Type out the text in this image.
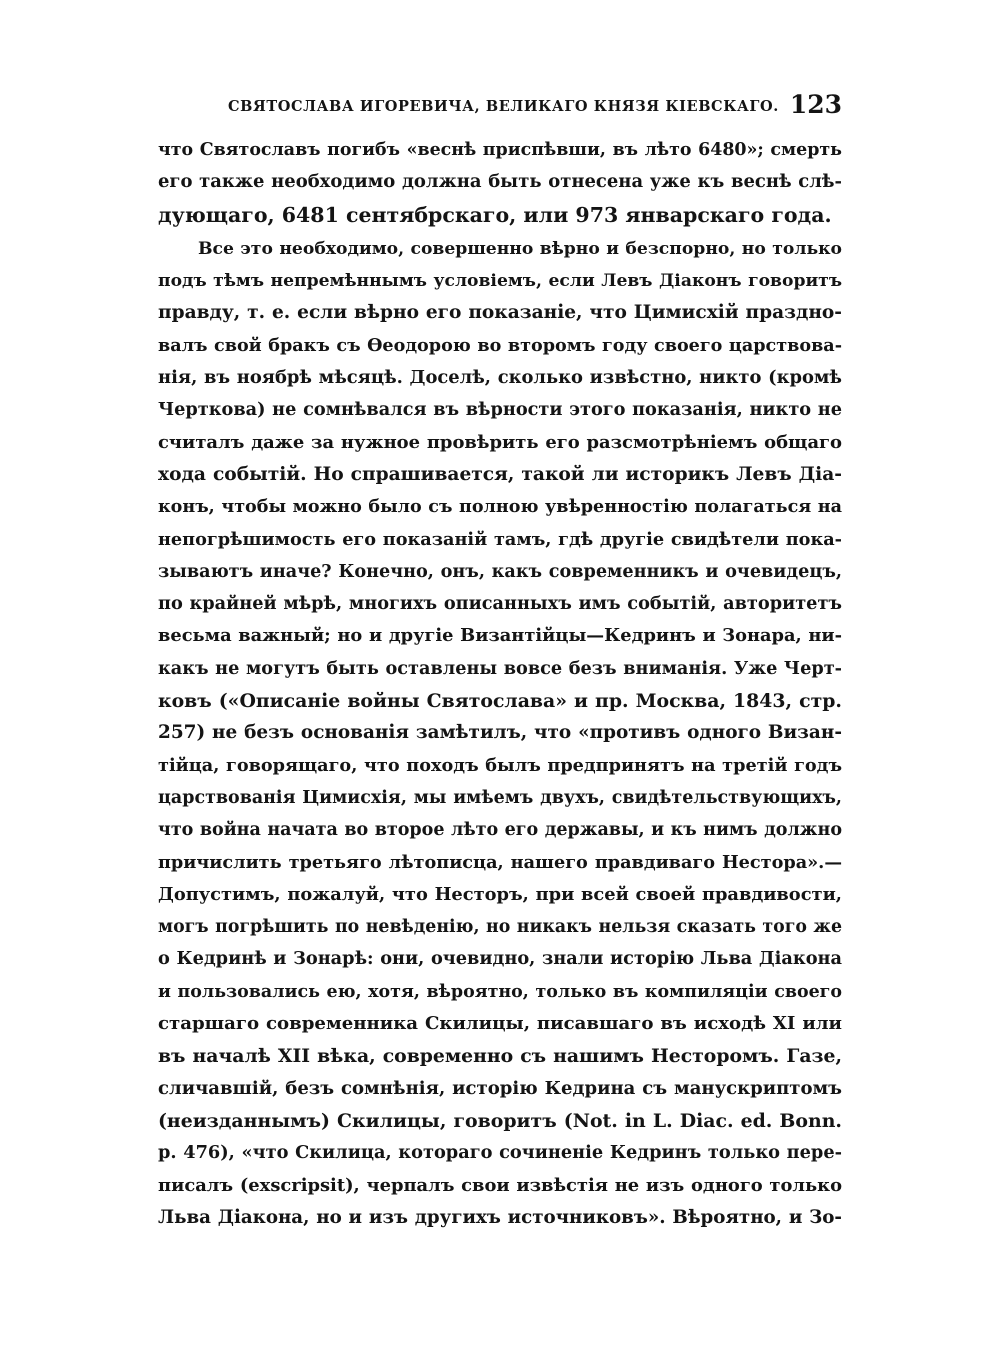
СВЯТОСЛАВА ИГОРЕВИЧА, ВЕЛИКАГО КНЯЗЯ КІЕВСКАГО. 123
что Святославъ погибъ «веснѣ приспѣвши, въ лѣто 6480»; смерть
его также необходимо должна быть отнесена уже къ веснѣ слѣ-
дующаго, 6481 сентябрскаго, или 973 январскаго года.
Все это необходимо, совершенно вѣрно и безспорно, но только
подъ тѣмъ непремѣннымъ условіемъ, если Левъ Діаконъ говоритъ
правду, т. е. если вѣрно его показаніе, что Цимисхій праздно-
валъ свой бракъ съ Ѳеодорою во второмъ году своего царствова-
нія, въ ноябрѣ мѣсяцѣ. Доселѣ, сколько извѣстно, никто (кромѣ
Черткова) не сомнѣвался въ вѣрности этого показанія, никто не
считалъ даже за нужное провѣрить его разсмотрѣніемъ общаго
хода событій. Но спрашивается, такой ли историкъ Левъ Діа-
конъ, чтобы можно было съ полною увѣренностію полагаться на
непогрѣшимость его показаній тамъ, гдѣ другіе свидѣтели пока-
зываютъ иначе? Конечно, онъ, какъ современникъ и очевидецъ,
по крайней мѣрѣ, многихъ описанныхъ имъ событій, авторитетъ
весьма важный; но и другіе Византійцы—Кедринъ и Зонара, ни-
какъ не могутъ быть оставлены вовсе безъ вниманія. Уже Черт-
ковъ («Описаніе войны Святослава» и пр. Москва, 1843, стр.
257) не безъ основанія замѣтилъ, что «противъ одного Визан-
тійца, говорящаго, что походъ былъ предпринятъ на третій годъ
царствованія Цимисхія, мы имѣемъ двухъ, свидѣтельствующихъ,
что война начата во второе лѣто его державы, и къ нимъ должно
причислить третьяго лѣтописца, нашего правдиваго Нестора».—
Допустимъ, пожалуй, что Несторъ, при всей своей правдивости,
могъ погрѣшить по невѣденію, но никакъ нельзя сказать того же
о Кедринѣ и Зонарѣ: они, очевидно, знали исторію Льва Діакона
и пользовались ею, хотя, вѣроятно, только въ компиляціи своего
старшаго современника Скилицы, писавшаго въ исходѣ XI или
въ началѣ XII вѣка, современно съ нашимъ Несторомъ. Газе,
сличавшій, безъ сомнѣнія, исторію Кедрина съ манускриптомъ
(неизданнымъ) Скилицы, говоритъ (Not. in L. Diac. ed. Bonn.
p. 476), «что Скилица, котораго сочиненіе Кедринъ только пере-
писалъ (exscripsit), черпалъ свои извѣстія не изъ одного только
Льва Діакона, но и изъ другихъ источниковъ». Вѣроятно, и Зо-
